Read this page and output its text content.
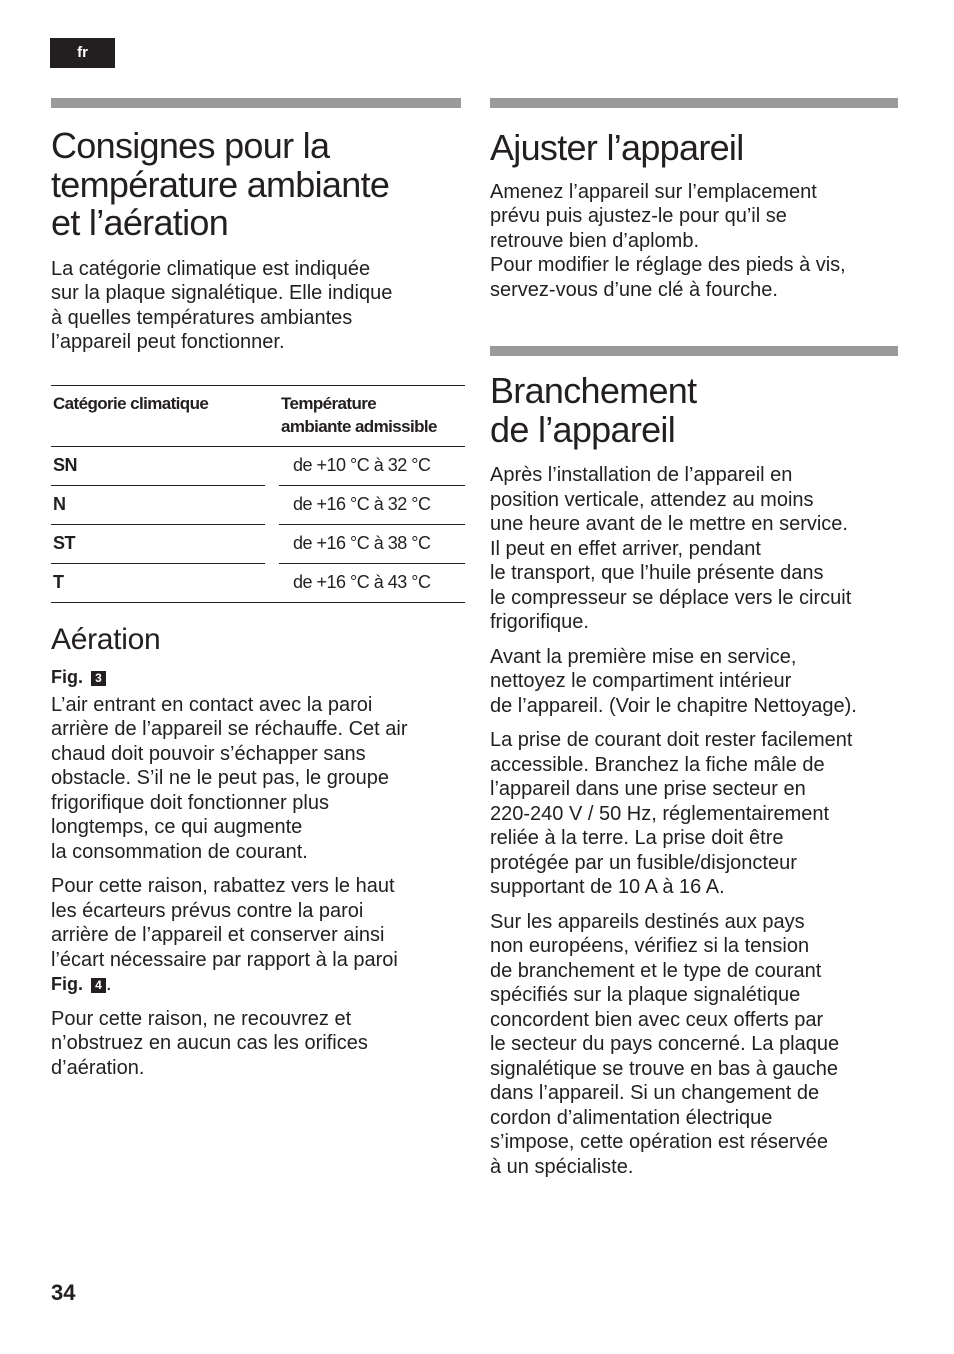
fr
Consignes pour la
température ambiante
et l’aération

La catégorie climatique est indiquée
sur la plaque signalétique. Elle indique
à quelles températures ambiantes
l’appareil peut fonctionner.

Catégorie climatique		Température
ambiante admissible
SN		de +10 °C à 32 °C
N		de +16 °C à 32 °C
ST		de +16 °C à 38 °C
T		de +16 °C à 43 °C
Aération
Fig. 3

L’air entrant en contact avec la paroi
arrière de l’appareil se réchauffe. Cet air
chaud doit pouvoir s’échapper sans
obstacle. S’il ne le peut pas, le groupe
frigorifique doit fonctionner plus
longtemps, ce qui augmente
la consommation de courant.

Pour cette raison, rabattez vers le haut
les écarteurs prévus contre la paroi
arrière de l’appareil et conserver ainsi
l’écart nécessaire par rapport à la paroi
Fig. 4 .

Pour cette raison, ne recouvrez et
n’obstruez en aucun cas les orifices
d’aération.

Ajuster l’appareil

Amenez l’appareil sur l’emplacement
prévu puis ajustez-le pour qu’il se
retrouve bien d’aplomb.
Pour modifier le réglage des pieds à vis,
servez-vous d’une clé à fourche.

Branchement
de l’appareil

Après l’installation de l’appareil en
position verticale, attendez au moins
une heure avant de le mettre en service.
Il peut en effet arriver, pendant
le transport, que l’huile présente dans
le compresseur se déplace vers le circuit
frigorifique.

Avant la première mise en service,
nettoyez le compartiment intérieur
de l’appareil. (Voir le chapitre Nettoyage).

La prise de courant doit rester facilement
accessible. Branchez la fiche mâle de
l’appareil dans une prise secteur en
220-240 V / 50 Hz, réglementairement
reliée à la terre. La prise doit être
protégée par un fusible/disjoncteur
supportant de 10 A à 16 A.

Sur les appareils destinés aux pays
non européens, vérifiez si la tension
de branchement et le type de courant
spécifiés sur la plaque signalétique
concordent bien avec ceux offerts par
le secteur du pays concerné. La plaque
signalétique se trouve en bas à gauche
dans l’appareil. Si un changement de
cordon d’alimentation électrique
s’impose, cette opération est réservée
à un spécialiste.

34
